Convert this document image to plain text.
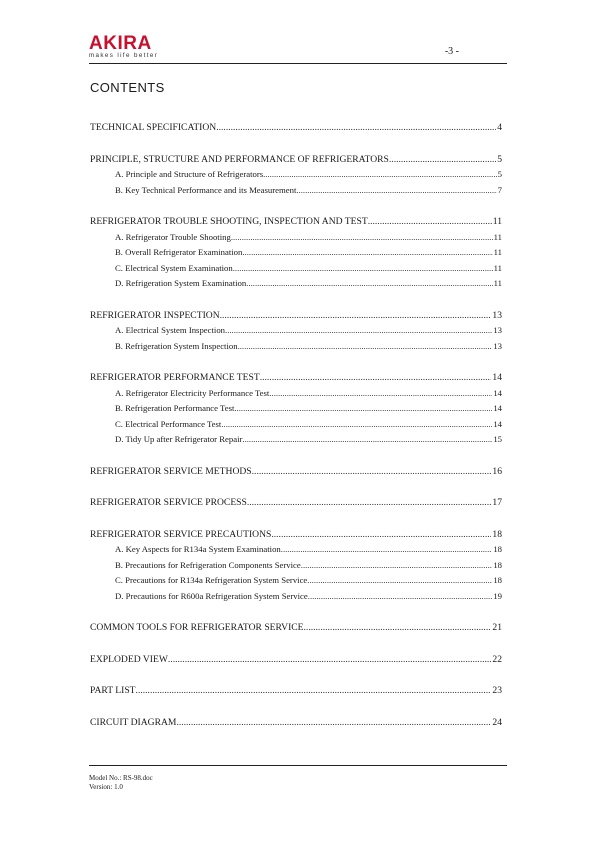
AKIRA
makes life better	-3 -
CONTENTS
TECHNICAL SPECIFICATION .....	4
PRINCIPLE, STRUCTURE AND PERFORMANCE OF REFRIGERATORS .....	5
A. Principle and Structure of Refrigerators .....	5
B. Key Technical Performance and its Measurement .....	7
REFRIGERATOR TROUBLE SHOOTING, INSPECTION AND TEST .....	11
A. Refrigerator Trouble Shooting .....	11
B. Overall Refrigerator Examination .....	11
C. Electrical System Examination .....	11
D. Refrigeration System Examination .....	11
REFRIGERATOR INSPECTION .....	13
A. Electrical System Inspection .....	13
B. Refrigeration System Inspection .....	13
REFRIGERATOR PERFORMANCE TEST .....	14
A. Refrigerator Electricity Performance Test .....	14
B. Refrigeration Performance Test .....	14
C. Electrical Performance Test .....	14
D. Tidy Up after Refrigerator Repair .....	15
REFRIGERATOR SERVICE METHODS .....	16
REFRIGERATOR SERVICE PROCESS .....	17
REFRIGERATOR SERVICE PRECAUTIONS .....	18
A. Key Aspects for R134a System Examination .....	18
B. Precautions for Refrigeration Components Service .....	18
C. Precautions for R134a Refrigeration System Service .....	18
D. Precautions for R600a Refrigeration System Service .....	19
COMMON TOOLS FOR REFRIGERATOR SERVICE .....	21
EXPLODED VIEW .....	22
PART LIST .....	23
CIRCUIT DIAGRAM .....	24
Model No.: RS-98.doc
Version: 1.0
